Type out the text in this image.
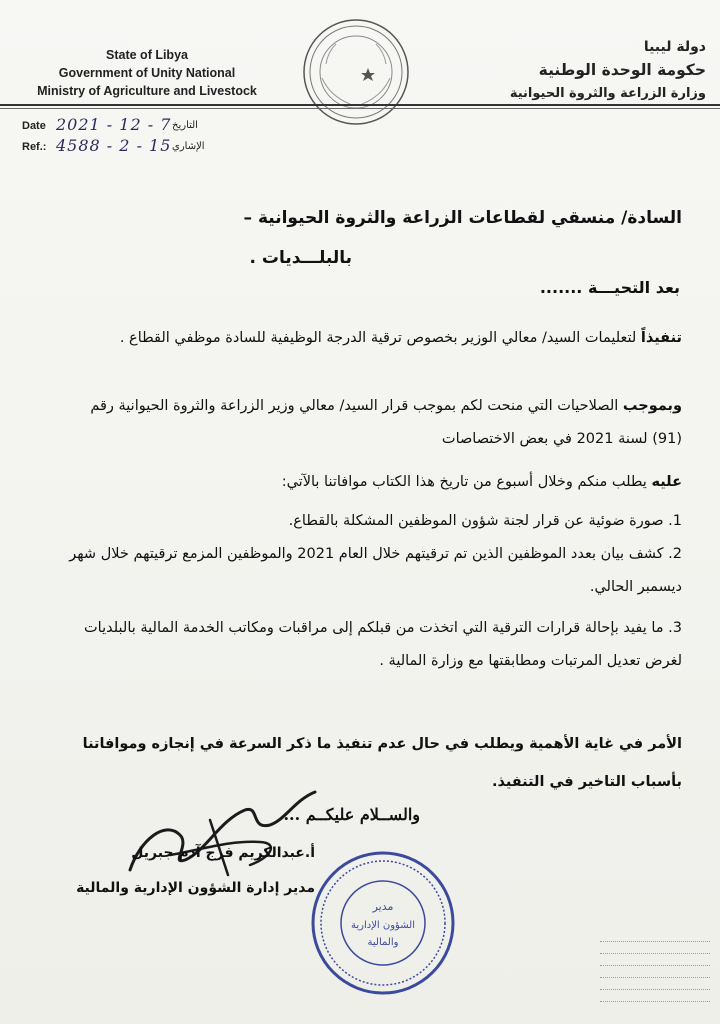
State of Libya
Government of Unity National
Ministry of Agriculture and Livestock
دولة ليبيا
حكومة الوحدة الوطنية
وزارة الزراعة والثروة الحيوانية
Date 2021 - 12 - 7 التاريخ
Ref.: 4588 - 2 - 15 الإشاري
السادة/ منسقي لقطاعات الزراعة والثروة الحيوانية –
بالبلـــديات .
بعد التحيـــة .......
تنفيذاً لتعليمات السيد/ معالي الوزير بخصوص ترقية الدرجة الوظيفية للسادة موظفي القطاع .
وبموجب الصلاحيات التي منحت لكم بموجب قرار السيد/ معالي وزير الزراعة والثروة الحيوانية رقم (91) لسنة 2021 في بعض الاختصاصات
عليه يطلب منكم وخلال أسبوع من تاريخ هذا الكتاب موافاتنا بالآتي:
1. صورة ضوئية عن قرار لجنة شؤون الموظفين المشكلة بالقطاع.
2. كشف بيان بعدد الموظفين الذين تم ترقيتهم خلال العام 2021 والموظفين المزمع ترقيتهم خلال شهر ديسمبر الحالي.
3. ما يفيد بإحالة قرارات الترقية التي اتخذت من قبلكم إلى مراقبات ومكاتب الخدمة المالية بالبلديات لغرض تعديل المرتبات ومطابقتها مع وزارة المالية .
الأمر في غاية الأهمية ويطلب في حال عدم تنفيذ ما ذكر السرعة في إنجازه وموافاتنا بأسباب التاخير في التنفيذ.
والســلام عليكــم ...
أ.عبدالكريم فرج آدم جبريل
مدير إدارة الشؤون الإدارية والمالية
مدير
الشؤون الإدارية
والمالية
